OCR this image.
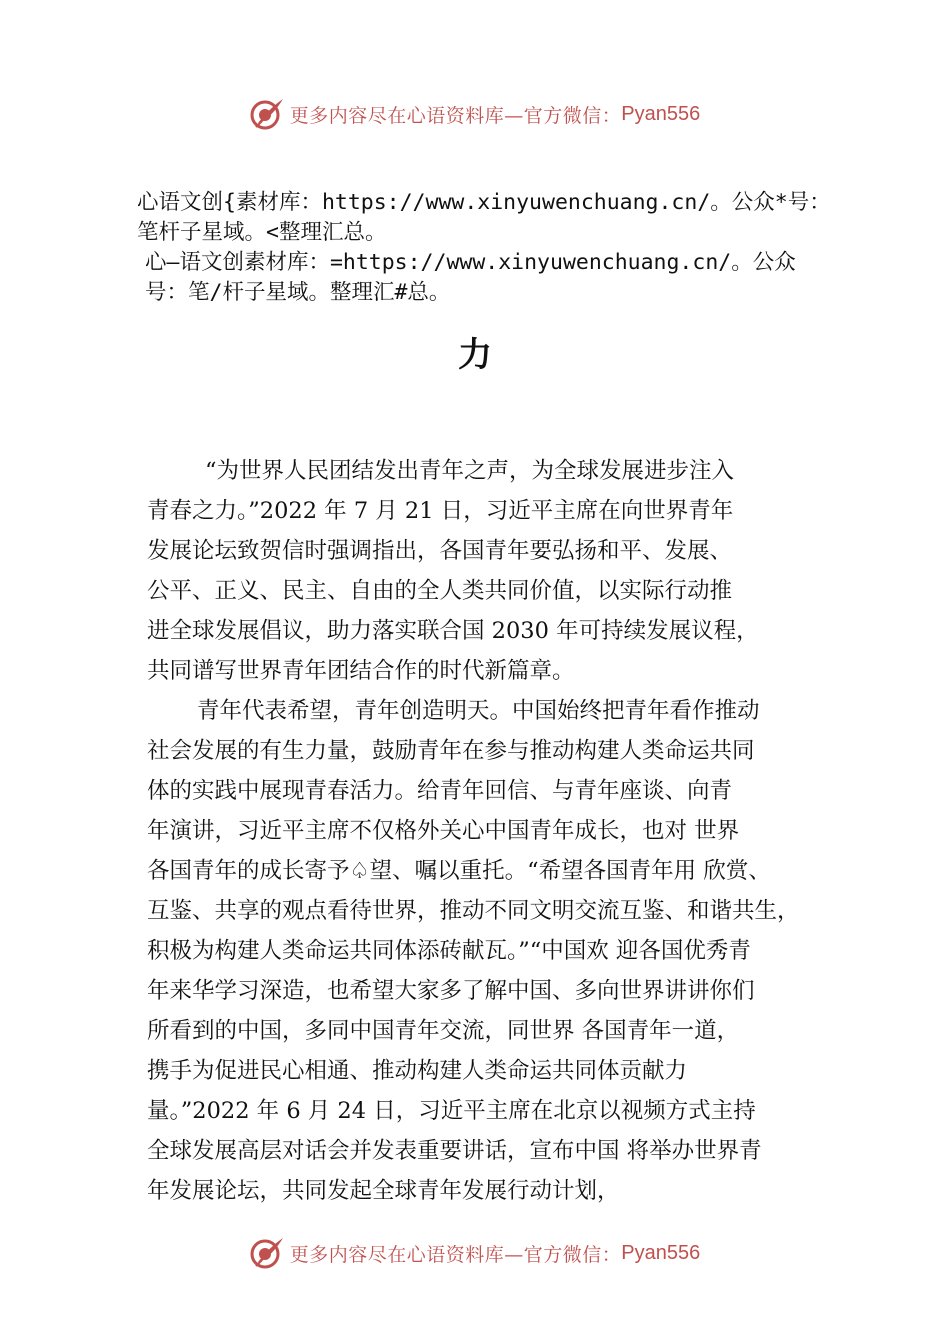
更多内容尽在心语资料库—官方微信： Pyan556
心语文创{素材库：https://www.xinyuwenchuang.cn/。公众*号：
笔杆子星域。<整理汇总。
心—语文创素材库：=https://www.xinyuwenchuang.cn/。公众
号：笔/杆子星域。整理汇#总。
力
“为世界人民团结发出青年之声，为全球发展进步注入
青春之力。”2022 年 7 月 21 日，习近平主席在向世界青年
发展论坛致贺信时强调指出，各国青年要弘扬和平、发展、
公平、正义、民主、自由的全人类共同价值，以实际行动推
进全球发展倡议，助力落实联合国 2030 年可持续发展议程，
共同谱写世界青年团结合作的时代新篇章。
青年代表希望，青年创造明天。中国始终把青年看作推动
社会发展的有生力量，鼓励青年在参与推动构建人类命运共同
体的实践中展现青春活力。给青年回信、与青年座谈、向青
年演讲，习近平主席不仅格外关心中国青年成长，也对 世界
各国青年的成长寄予♤望、嘱以重托。“希望各国青年用 欣赏、
互鉴、共享的观点看待世界，推动不同文明交流互鉴、和谐共生，
积极为构建人类命运共同体添砖献瓦。”“中国欢 迎各国优秀青
年来华学习深造，也希望大家多了解中国、多向世界讲讲你们
所看到的中国，多同中国青年交流，同世界 各国青年一道，
携手为促进民心相通、推动构建人类命运共同体贡献力
量。”2022 年 6 月 24 日，习近平主席在北京以视频方式主持
全球发展高层对话会并发表重要讲话，宣布中国 将举办世界青
年发展论坛，共同发起全球青年发展行动计划，
更多内容尽在心语资料库—官方微信： Pyan556
